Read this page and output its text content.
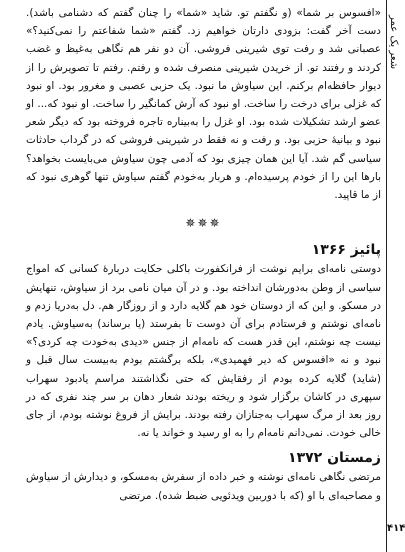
شعر یک عمر

«افسوس بر شما» (و نگفتم تو. شاید «شما» را چنان گفتم که دشنامی باشد). دست آخر گفت: بزودی دارتان خواهیم زد. گفتم «شما شفاعتم را نمی‌کنید؟» عصبانی شد و رفت توی شیرینی فروشی. آن دو نفر هم نگاهی به‌غیظ و غضب کردند و رفتند تو. از خریدن شیرینی منصرف شده و رفتم. رفتم تا تصویرش را از دیوار حافظه‌ام برکنم. این سیاوش ما نبود. یک حزبی عصبی و مغرور بود. او نبود که غزلی برای درخت را ساخت. او نبود که آرش کمانگیر را ساخت. او نبود که... او عضو ارشد تشکیلات شده بود. او غزل را به‌بیناره تاجره فروخته بود که دیگر شعر نبود و بیانیهٔ حزبی بود. و رفت و نه فقط در شیرینی فروشی که در گرداب حادثات سیاسی گم شد. آیا این همان چیزی بود که آدمی چون سیاوش می‌بایست بخواهد؟ بارها این را از خودم پرسیده‌ام. و هربار به‌خودم گفتم سیاوش تنها گوهری نبود که از ما قاپید.

✵✵✵
پائیز ۱۳۶۶

دوستی نامه‌ای برایم نوشت از فرانکفورت باکلی حکایت دربارهٔ کسانی که امواج سیاسی از وطن به‌دورشان انداخته بود. و در آن میان نامی برد از سیاوش، تنهایش در مسکو. و این که از دوستان خود هم گلایه دارد و از روزگار هم. دل به‌دریا زدم و نامه‌ای نوشتم و فرستادم برای آن دوست تا بفرستد (یا برساند) به‌سیاوش. یادم نیست چه نوشتم، این قدر هست که نامه‌ام از جنس «دیدی به‌خودت چه کردی؟» نبود و نه «افسوس که دیر فهمیدی»، بلکه برگشتم بودم به‌بیست سال قبل و (شاید) گلایه کرده بودم از رفقایش که حتی نگذاشتند مراسم یادبود سهراب سپهری در کاشان برگزار شود و ریخته بودند شعار دهان بر سر چند نفری که در روز بعد از مرگ سهراب به‌جنازان رفته بودند. برایش از فروغ نوشته بودم، از جای خالی خودت. نمی‌دانم نامه‌ام را به او رسید و خواند یا نه.

زمستان ۱۳۷۲

مرتضی نگاهی نامه‌ای نوشته و خبر داده از سفرش به‌مسکو، و دیدارش از سیاوش و مصاحبه‌ای با او (که با دوربین ویدئویی ضبط شده). مرتضی

۴۱۴
